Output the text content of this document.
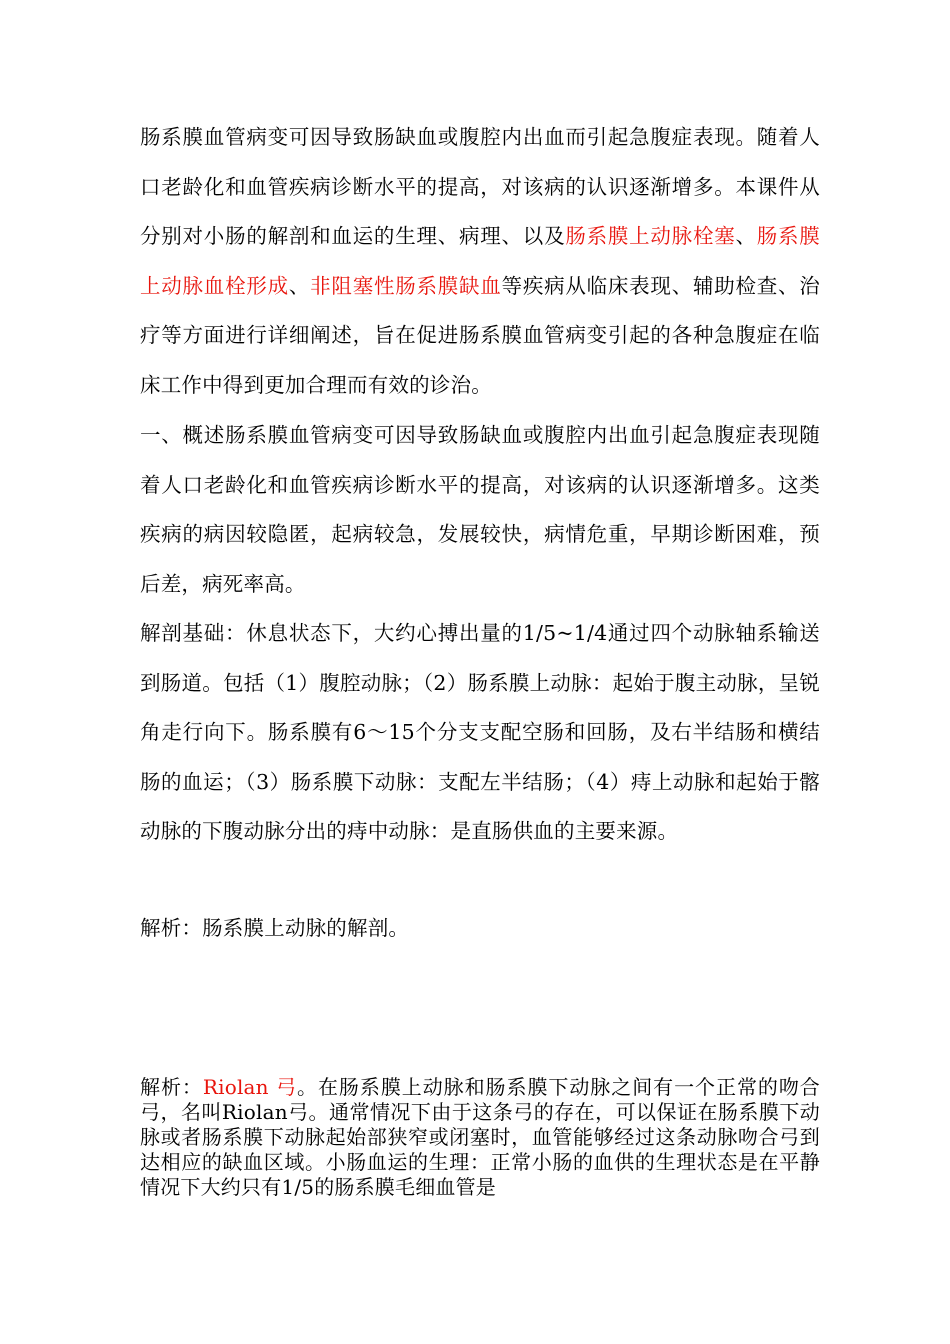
肠系膜血管病变可因导致肠缺血或腹腔内出血而引起急腹症表现。随着人口老龄化和血管疾病诊断水平的提高，对该病的认识逐渐增多。本课件从分别对小肠的解剖和血运的生理、病理、以及肠系膜上动脉栓塞、肠系膜上动脉血栓形成、非阻塞性肠系膜缺血等疾病从临床表现、辅助检查、治疗等方面进行详细阐述，旨在促进肠系膜血管病变引起的各种急腹症在临床工作中得到更加合理而有效的诊治。

一、概述肠系膜血管病变可因导致肠缺血或腹腔内出血引起急腹症表现随着人口老龄化和血管疾病诊断水平的提高，对该病的认识逐渐增多。这类疾病的病因较隐匿，起病较急，发展较快，病情危重，早期诊断困难，预后差，病死率高。

解剖基础：休息状态下，大约心搏出量的1/5~1/4通过四个动脉轴系输送到肠道。包括（1）腹腔动脉；（2）肠系膜上动脉：起始于腹主动脉，呈锐角走行向下。肠系膜有6～15个分支支配空肠和回肠，及右半结肠和横结肠的血运；（3）肠系膜下动脉：支配左半结肠；（4）痔上动脉和起始于髂动脉的下腹动脉分出的痔中动脉：是直肠供血的主要来源。

解析：肠系膜上动脉的解剖。

解析：Riolan 弓。在肠系膜上动脉和肠系膜下动脉之间有一个正常的吻合弓，名叫Riolan弓。通常情况下由于这条弓的存在，可以保证在肠系膜下动脉或者肠系膜下动脉起始部狭窄或闭塞时，血管能够经过这条动脉吻合弓到达相应的缺血区域。小肠血运的生理：正常小肠的血供的生理状态是在平静情况下大约只有1/5的肠系膜毛细血管是
